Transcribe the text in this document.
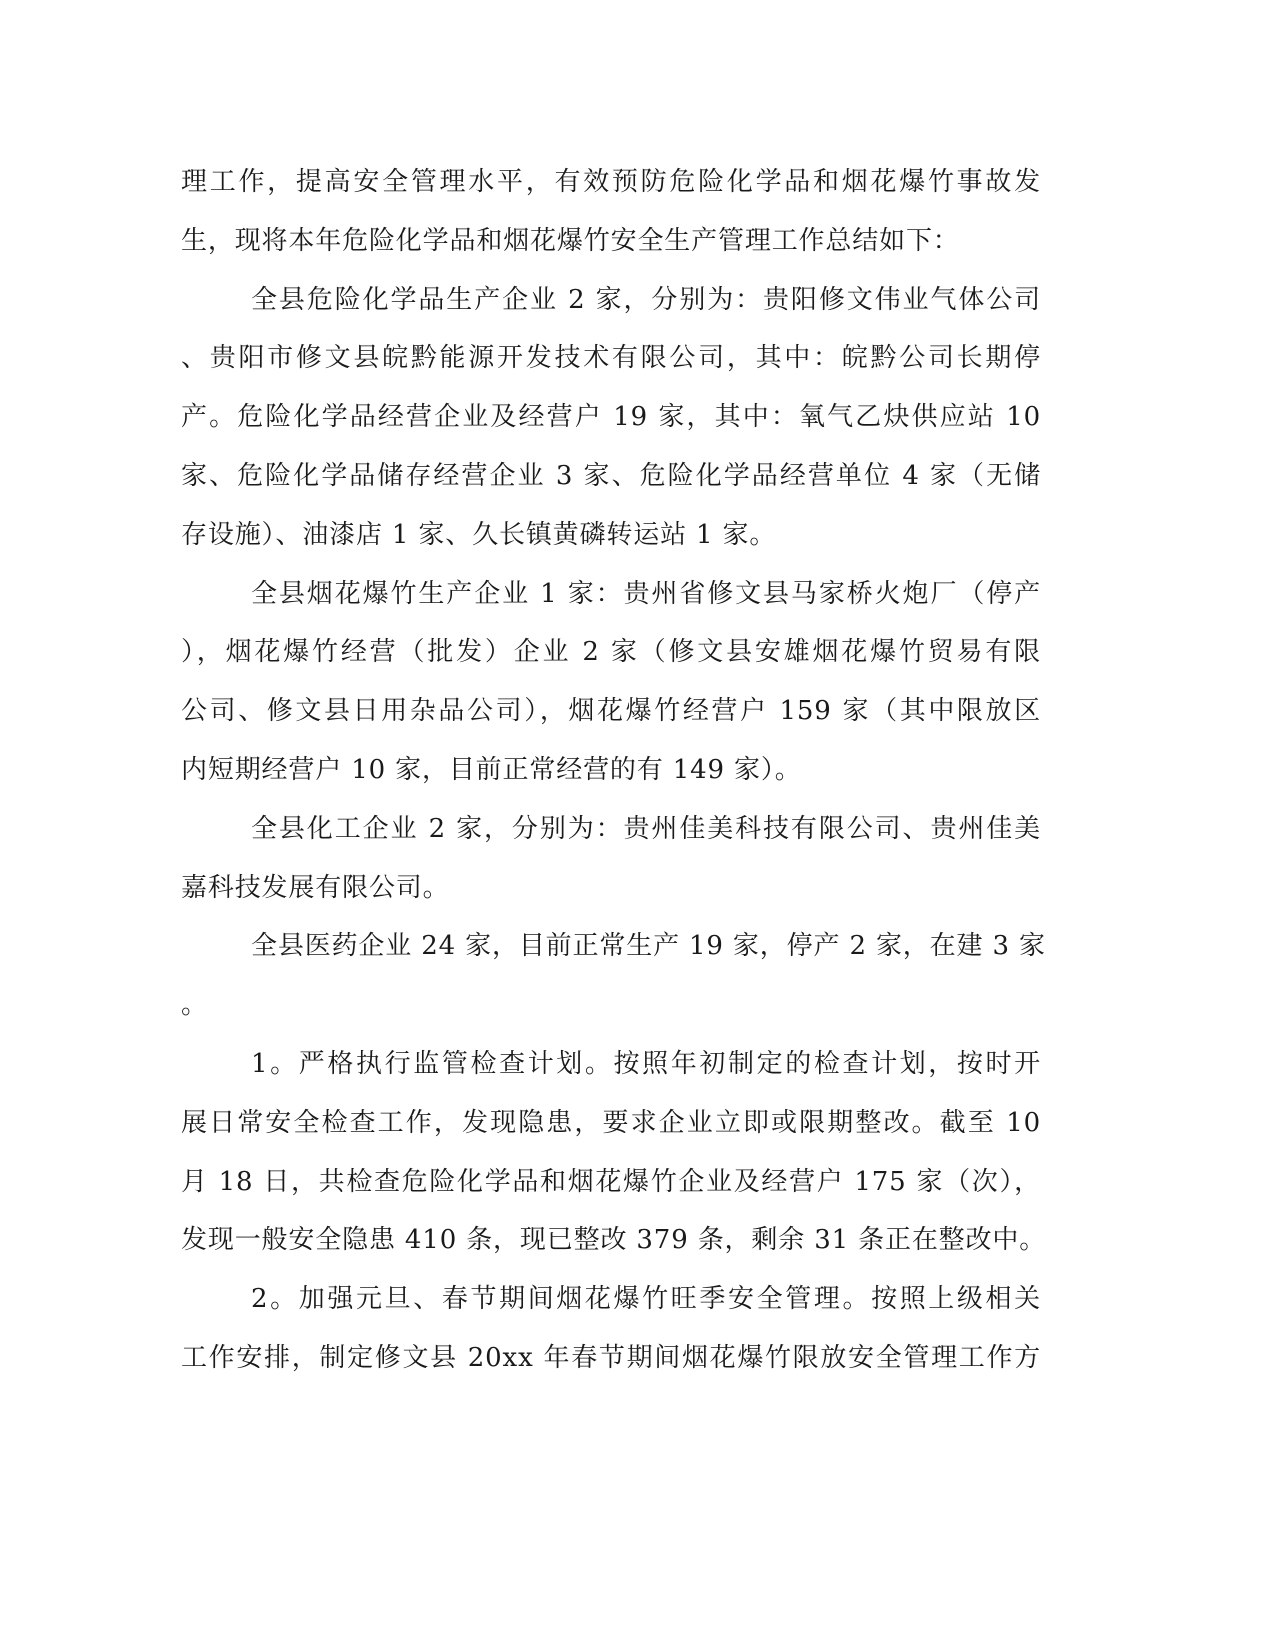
理工作，提高安全管理水平，有效预防危险化学品和烟花爆竹事故发
生，现将本年危险化学品和烟花爆竹安全生产管理工作总结如下：
全县危险化学品生产企业 2 家，分别为：贵阳修文伟业气体公司
、贵阳市修文县皖黔能源开发技术有限公司，其中：皖黔公司长期停
产。危险化学品经营企业及经营户 19 家，其中：氧气乙炔供应站 10
家、危险化学品储存经营企业 3 家、危险化学品经营单位 4 家（无储
存设施）、油漆店 1 家、久长镇黄磷转运站 1 家。
全县烟花爆竹生产企业 1 家：贵州省修文县马家桥火炮厂（停产
），烟花爆竹经营（批发）企业 2 家（修文县安雄烟花爆竹贸易有限
公司、修文县日用杂品公司），烟花爆竹经营户 159 家（其中限放区
内短期经营户 10 家，目前正常经营的有 149 家）。
全县化工企业 2 家，分别为：贵州佳美科技有限公司、贵州佳美
嘉科技发展有限公司。
全县医药企业 24 家，目前正常生产 19 家，停产 2 家，在建 3 家
。
1。严格执行监管检查计划。按照年初制定的检查计划，按时开
展日常安全检查工作，发现隐患，要求企业立即或限期整改。截至 10
月 18 日，共检查危险化学品和烟花爆竹企业及经营户 175 家（次），
发现一般安全隐患 410 条，现已整改 379 条，剩余 31 条正在整改中。
2。加强元旦、春节期间烟花爆竹旺季安全管理。按照上级相关
工作安排，制定修文县 20xx 年春节期间烟花爆竹限放安全管理工作方
